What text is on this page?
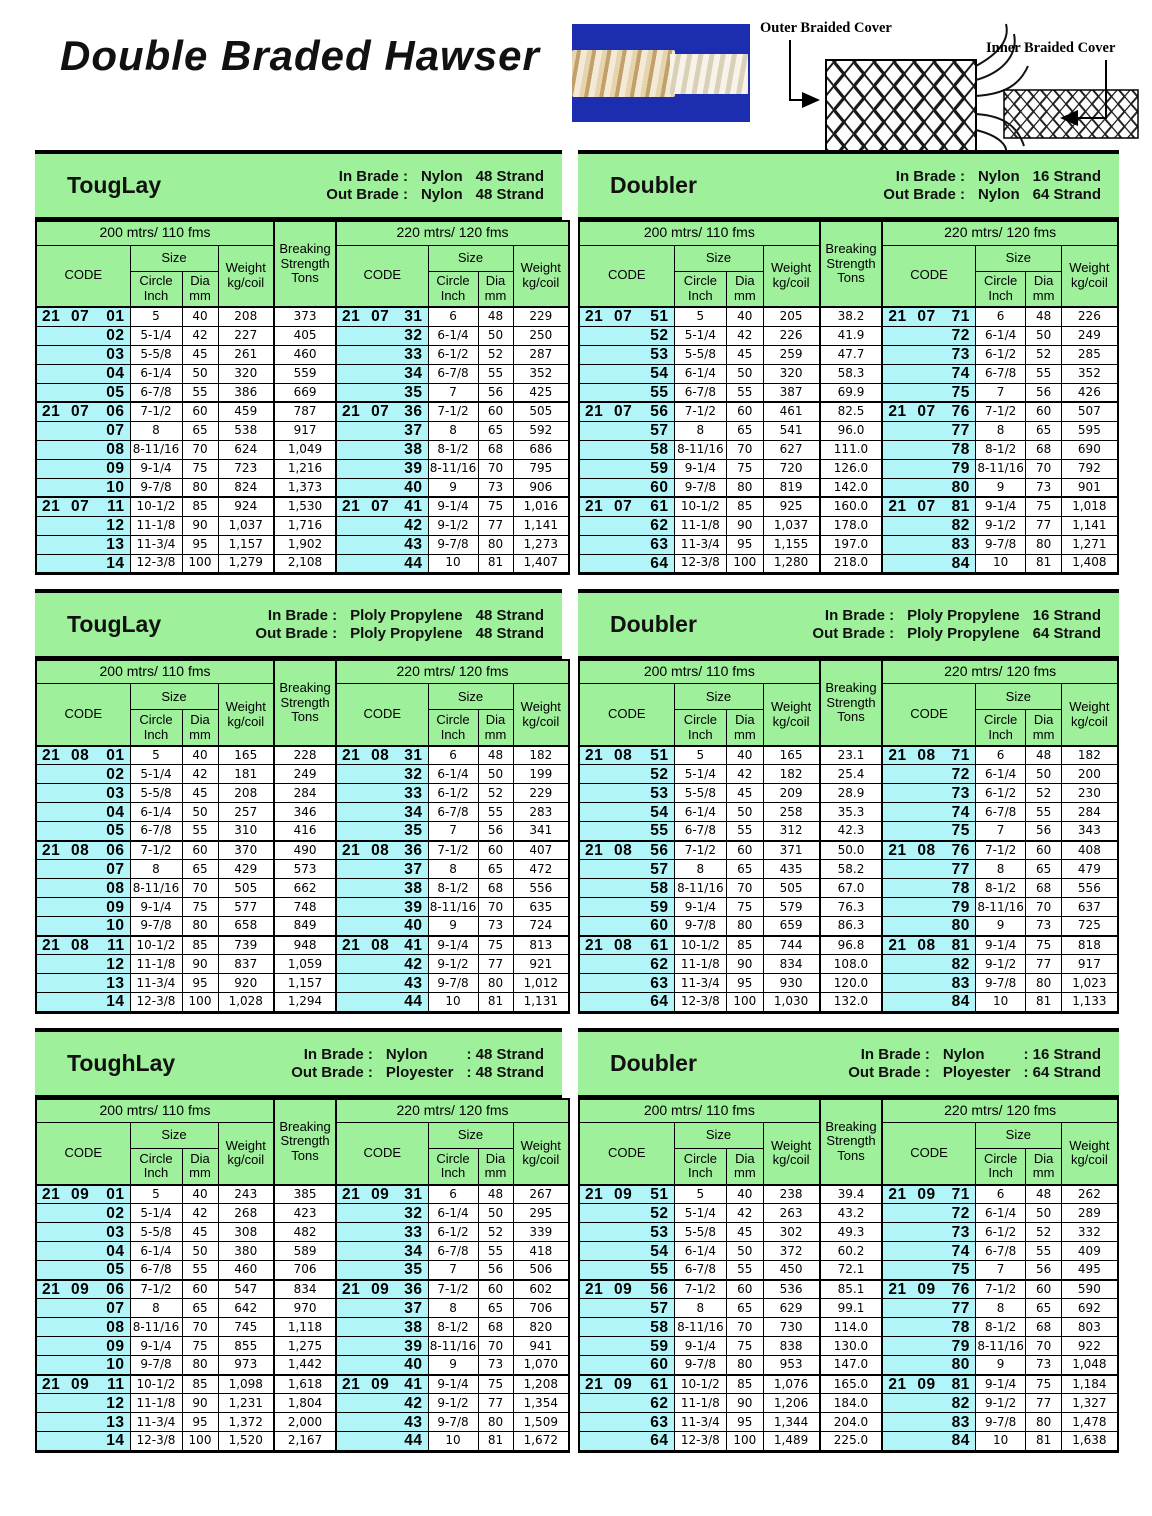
Double Braded Hawser
Outer Braided Cover
Inner Braided Cover
TougLay	In Brade : Nylon 48 Strand
Out Brade : Nylon 48 Strand
200 mtrs/ 110 fms				Breaking Strength Tons	220 mtrs/ 120 fms			
CODE	Size		Weight kg/coil		CODE	Size		Weight kg/coil
	Circle Inch	Dia mm				Circle Inch	Dia mm	

21 07 01	5	40	208	373	21 07 31	6	48	229

02	5-1/4	42	227	405	32	6-1/4	50	250

03	5-5/8	45	261	460	33	6-1/2	52	287

04	6-1/4	50	320	559	34	6-7/8	55	352

05	6-7/8	55	386	669	35	7	56	425

21 07 06	7-1/2	60	459	787	21 07 36	7-1/2	60	505

07	8	65	538	917	37	8	65	592

08	8-11/16	70	624	1,049	38	8-1/2	68	686

09	9-1/4	75	723	1,216	39	8-11/16	70	795

10	9-7/8	80	824	1,373	40	9	73	906

21 07 11	10-1/2	85	924	1,530	21 07 41	9-1/4	75	1,016

12	11-1/8	90	1,037	1,716	42	9-1/2	77	1,141

13	11-3/4	95	1,157	1,902	43	9-7/8	80	1,273

14	12-3/8	100	1,279	2,108	44	10	81	1,407
Doubler	In Brade : Nylon 16 Strand
Out Brade : Nylon 64 Strand
200 mtrs/ 110 fms				Breaking Strength Tons	220 mtrs/ 120 fms			
CODE	Size		Weight kg/coil		CODE	Size		Weight kg/coil
	Circle Inch	Dia mm				Circle Inch	Dia mm	

21 07 51	5	40	205	38.2	21 07 71	6	48	226

52	5-1/4	42	226	41.9	72	6-1/4	50	249

53	5-5/8	45	259	47.7	73	6-1/2	52	285

54	6-1/4	50	320	58.3	74	6-7/8	55	352

55	6-7/8	55	387	69.9	75	7	56	426

21 07 56	7-1/2	60	461	82.5	21 07 76	7-1/2	60	507

57	8	65	541	96.0	77	8	65	595

58	8-11/16	70	627	111.0	78	8-1/2	68	690

59	9-1/4	75	720	126.0	79	8-11/16	70	792

60	9-7/8	80	819	142.0	80	9	73	901

21 07 61	10-1/2	85	925	160.0	21 07 81	9-1/4	75	1,018

62	11-1/8	90	1,037	178.0	82	9-1/2	77	1,141

63	11-3/4	95	1,155	197.0	83	9-7/8	80	1,271

64	12-3/8	100	1,280	218.0	84	10	81	1,408
TougLay	In Brade : Ploly Propylene 48 Strand
Out Brade : Ploly Propylene 48 Strand
200 mtrs/ 110 fms				Breaking Strength Tons	220 mtrs/ 120 fms			
CODE	Size		Weight kg/coil		CODE	Size		Weight kg/coil
	Circle Inch	Dia mm				Circle Inch	Dia mm	

21 08 01	5	40	165	228	21 08 31	6	48	182

02	5-1/4	42	181	249	32	6-1/4	50	199

03	5-5/8	45	208	284	33	6-1/2	52	229

04	6-1/4	50	257	346	34	6-7/8	55	283

05	6-7/8	55	310	416	35	7	56	341

21 08 06	7-1/2	60	370	490	21 08 36	7-1/2	60	407

07	8	65	429	573	37	8	65	472

08	8-11/16	70	505	662	38	8-1/2	68	556

09	9-1/4	75	577	748	39	8-11/16	70	635

10	9-7/8	80	658	849	40	9	73	724

21 08 11	10-1/2	85	739	948	21 08 41	9-1/4	75	813

12	11-1/8	90	837	1,059	42	9-1/2	77	921

13	11-3/4	95	920	1,157	43	9-7/8	80	1,012

14	12-3/8	100	1,028	1,294	44	10	81	1,131
Doubler	In Brade : Ploly Propylene 16 Strand
Out Brade : Ploly Propylene 64 Strand
200 mtrs/ 110 fms				Breaking Strength Tons	220 mtrs/ 120 fms			
CODE	Size		Weight kg/coil		CODE	Size		Weight kg/coil
	Circle Inch	Dia mm				Circle Inch	Dia mm	

21 08 51	5	40	165	23.1	21 08 71	6	48	182

52	5-1/4	42	182	25.4	72	6-1/4	50	200

53	5-5/8	45	209	28.9	73	6-1/2	52	230

54	6-1/4	50	258	35.3	74	6-7/8	55	284

55	6-7/8	55	312	42.3	75	7	56	343

21 08 56	7-1/2	60	371	50.0	21 08 76	7-1/2	60	408

57	8	65	435	58.2	77	8	65	479

58	8-11/16	70	505	67.0	78	8-1/2	68	556

59	9-1/4	75	579	76.3	79	8-11/16	70	637

60	9-7/8	80	659	86.3	80	9	73	725

21 08 61	10-1/2	85	744	96.8	21 08 81	9-1/4	75	818

62	11-1/8	90	834	108.0	82	9-1/2	77	917

63	11-3/4	95	930	120.0	83	9-7/8	80	1,023

64	12-3/8	100	1,030	132.0	84	10	81	1,133
ToughLay	In Brade : Nylon	: 48 Strand
Out Brade : Ployester : 48 Strand
200 mtrs/ 110 fms				Breaking Strength Tons	220 mtrs/ 120 fms			
CODE	Size		Weight kg/coil		CODE	Size		Weight kg/coil
	Circle Inch	Dia mm				Circle Inch	Dia mm	

21 09 01	5	40	243	385	21 09 31	6	48	267

02	5-1/4	42	268	423	32	6-1/4	50	295

03	5-5/8	45	308	482	33	6-1/2	52	339

04	6-1/4	50	380	589	34	6-7/8	55	418

05	6-7/8	55	460	706	35	7	56	506

21 09 06	7-1/2	60	547	834	21 09 36	7-1/2	60	602

07	8	65	642	970	37	8	65	706

08	8-11/16	70	745	1,118	38	8-1/2	68	820

09	9-1/4	75	855	1,275	39	8-11/16	70	941

10	9-7/8	80	973	1,442	40	9	73	1,070

21 09 11	10-1/2	85	1,098	1,618	21 09 41	9-1/4	75	1,208

12	11-1/8	90	1,231	1,804	42	9-1/2	77	1,354

13	11-3/4	95	1,372	2,000	43	9-7/8	80	1,509

14	12-3/8	100	1,520	2,167	44	10	81	1,672
Doubler	In Brade : Nylon	: 16 Strand
Out Brade : Ployester : 64 Strand
200 mtrs/ 110 fms				Breaking Strength Tons	220 mtrs/ 120 fms			
CODE	Size		Weight kg/coil		CODE	Size		Weight kg/coil
	Circle Inch	Dia mm				Circle Inch	Dia mm	

21 09 51	5	40	238	39.4	21 09 71	6	48	262

52	5-1/4	42	263	43.2	72	6-1/4	50	289

53	5-5/8	45	302	49.3	73	6-1/2	52	332

54	6-1/4	50	372	60.2	74	6-7/8	55	409

55	6-7/8	55	450	72.1	75	7	56	495

21 09 56	7-1/2	60	536	85.1	21 09 76	7-1/2	60	590

57	8	65	629	99.1	77	8	65	692

58	8-11/16	70	730	114.0	78	8-1/2	68	803

59	9-1/4	75	838	130.0	79	8-11/16	70	922

60	9-7/8	80	953	147.0	80	9	73	1,048

21 09 61	10-1/2	85	1,076	165.0	21 09 81	9-1/4	75	1,184

62	11-1/8	90	1,206	184.0	82	9-1/2	77	1,327

63	11-3/4	95	1,344	204.0	83	9-7/8	80	1,478

64	12-3/8	100	1,489	225.0	84	10	81	1,638
